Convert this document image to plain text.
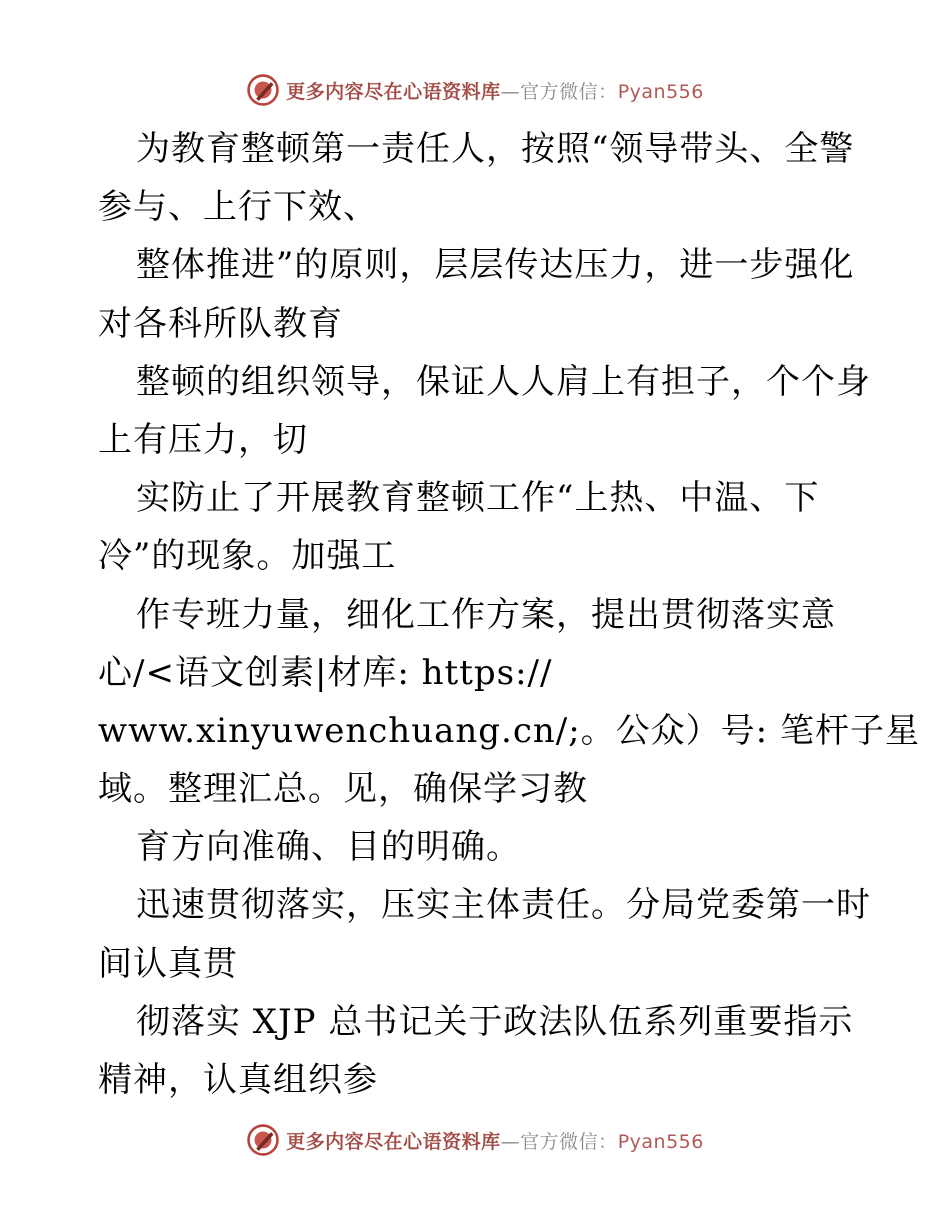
更多内容尽在心语资料库—官方微信：Pyan556
为教育整顿第一责任人，按照“领导带头、全警
参与、上行下效、
整体推进”的原则，层层传达压力，进一步强化
对各科所队教育
整顿的组织领导，保证人人肩上有担子，个个身
上有压力，切
实防止了开展教育整顿工作“上热、中温、下
冷”的现象。加强工
作专班力量，细化工作方案，提出贯彻落实意
心/<语文创素|材库: https://
www.xinyuwenchuang.cn/;。公众）号: 笔杆子星
域。整理汇总。见，确保学习教
育方向准确、目的明确。
迅速贯彻落实，压实主体责任。分局党委第一时
间认真贯
彻落实 XJP 总书记关于政法队伍系列重要指示
精神，认真组织参
更多内容尽在心语资料库—官方微信：Pyan556
